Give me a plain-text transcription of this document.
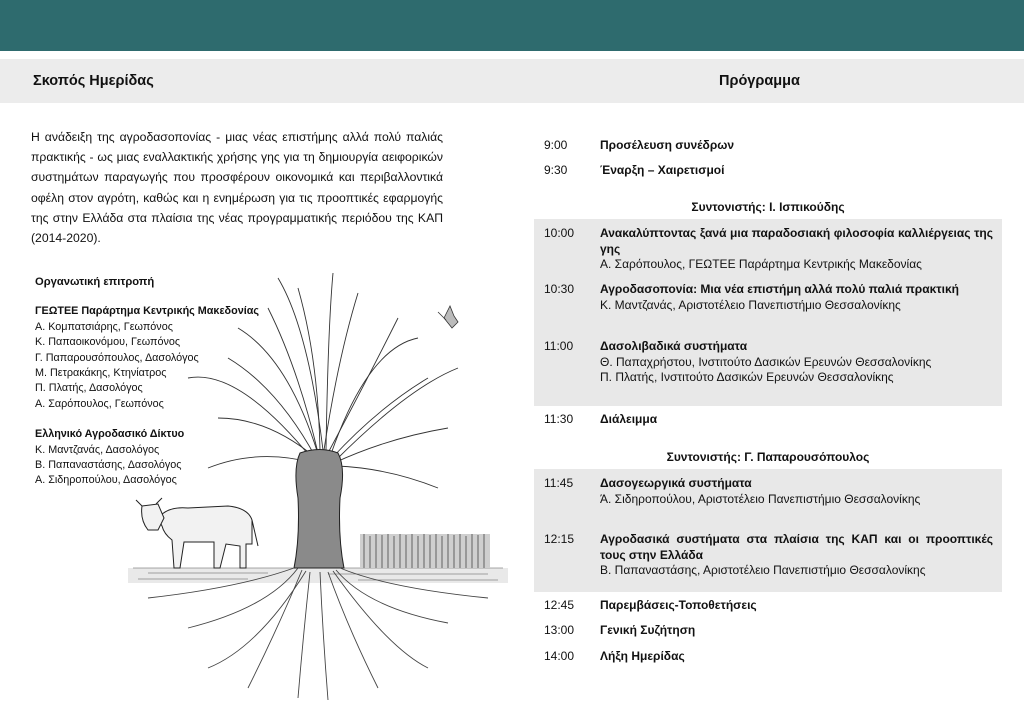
Σκοπός Ημερίδας	Πρόγραμμα

Η ανάδειξη της αγροδασοπονίας - μιας νέας επιστήμης αλλά πολύ παλιάς πρακτικής - ως μιας εναλλακτικής χρήσης γης για τη δημιουργία αειφορικών συστημάτων παραγωγής που προσφέρουν οικονομικά και περιβαλλοντικά οφέλη στον αγρότη, καθώς και η ενημέρωση για τις προοπτικές εφαρμογής της στην Ελλάδα στα πλαίσια της νέας προγραμματικής περιόδου της ΚΑΠ (2014-2020).

Οργανωτική επιτροπή
ΓΕΩΤΕΕ Παράρτημα Κεντρικής Μακεδονίας
Α. Κομπατσιάρης, Γεωπόνος
Κ. Παπαοικονόμου, Γεωπόνος
Γ. Παπαρουσόπουλος, Δασολόγος
Μ. Πετρακάκης, Κτηνίατρος
Π. Πλατής, Δασολόγος
Α. Σαρόπουλος, Γεωπόνος
Ελληνικό Αγροδασικό Δίκτυο
Κ. Μαντζανάς, Δασολόγος
Β. Παπαναστάσης, Δασολόγος
Α. Σιδηροπούλου, Δασολόγος
9:00	Προσέλευση συνέδρων
9:30	Έναρξη – Χαιρετισμοί
Συντονιστής: Ι. Ισπικούδης
10:00	Ανακαλύπτοντας ξανά μια παραδοσιακή φιλοσοφία καλλιέργειας της γης
Α. Σαρόπουλος, ΓΕΩΤΕΕ Παράρτημα Κεντρικής Μακεδονίας
10:30	Αγροδασοπονία: Μια νέα επιστήμη αλλά πολύ παλιά πρακτική
Κ. Μαντζανάς, Αριστοτέλειο Πανεπιστήμιο Θεσσαλονίκης
11:00	Δασολιβαδικά συστήματα
Θ. Παπαχρήστου, Ινστιτούτο Δασικών Ερευνών Θεσσαλονίκης
Π. Πλατής, Ινστιτούτο Δασικών Ερευνών Θεσσαλονίκης
11:30	Διάλειμμα
Συντονιστής: Γ. Παπαρουσόπουλος
11:45	Δασογεωργικά συστήματα
Ά. Σιδηροπούλου, Αριστοτέλειο Πανεπιστήμιο Θεσσαλονίκης
12:15	Αγροδασικά συστήματα στα πλαίσια της ΚΑΠ και οι προοπτικές τους στην Ελλάδα
Β. Παπαναστάσης, Αριστοτέλειο Πανεπιστήμιο Θεσσαλονίκης
12:45	Παρεμβάσεις-Τοποθετήσεις
13:00	Γενική Συζήτηση
14:00	Λήξη Ημερίδας
